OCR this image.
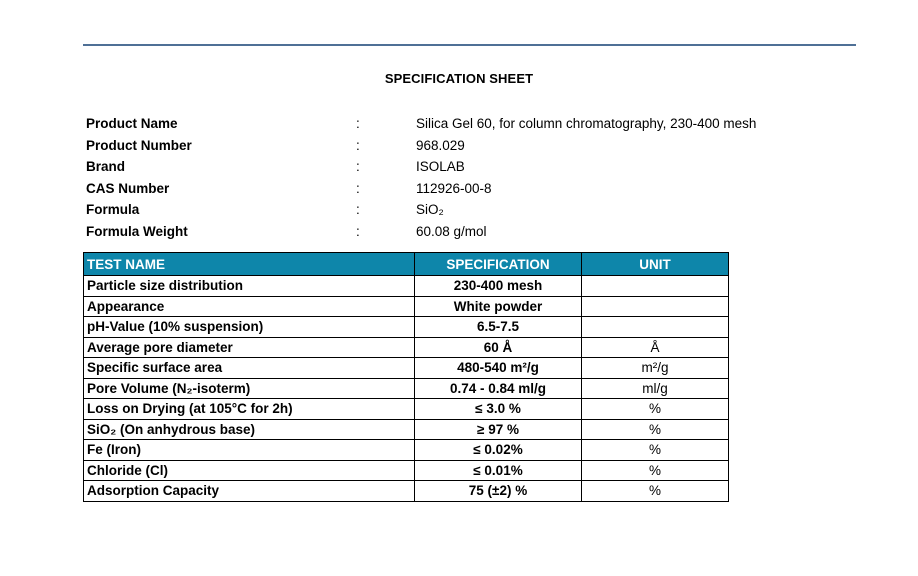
SPECIFICATION SHEET
Product Name	:	Silica Gel 60, for column chromatography, 230-400 mesh
Product Number	:	968.029
Brand	:	ISOLAB
CAS Number	:	112926-00-8
Formula	:	SiO₂
Formula Weight	:	60.08 g/mol
TEST NAME	SPECIFICATION	UNIT
Particle size distribution	230-400 mesh	
Appearance	White powder	
pH-Value (10% suspension)	6.5-7.5	
Average pore diameter	60 Å	Å
Specific surface area	480-540 m²/g	m²/g
Pore Volume (N₂-isoterm)	0.74 - 0.84 ml/g	ml/g
Loss on Drying (at 105°C for 2h)	≤ 3.0 %	%
SiO₂ (On anhydrous base)	≥ 97 %	%
Fe (Iron)	≤ 0.02%	%
Chloride (Cl)	≤ 0.01%	%
Adsorption Capacity	75 (±2) %	%
